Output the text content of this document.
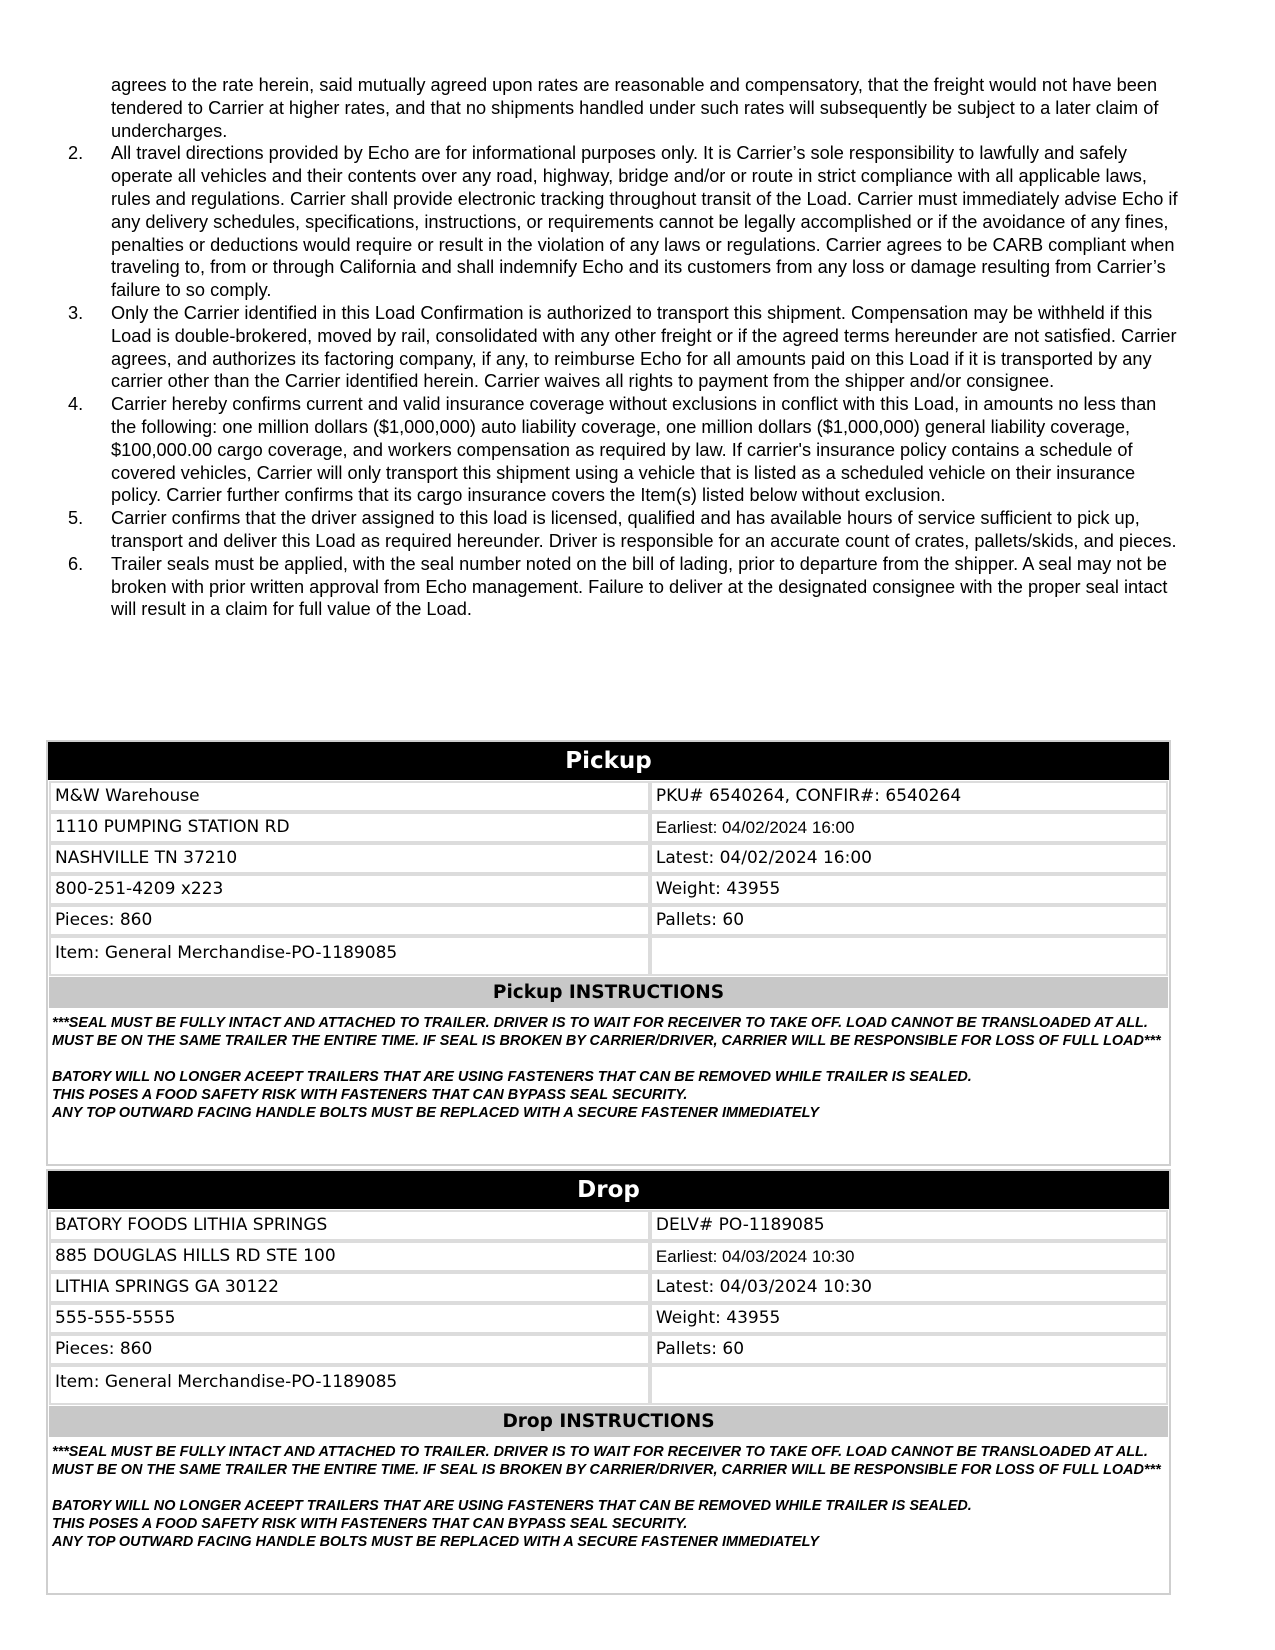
agrees to the rate herein, said mutually agreed upon rates are reasonable and compensatory, that the freight would not have been tendered to Carrier at higher rates, and that no shipments handled under such rates will subsequently be subject to a later claim of undercharges.
2.	All travel directions provided by Echo are for informational purposes only. It is Carrier’s sole responsibility to lawfully and safely operate all vehicles and their contents over any road, highway, bridge and/or or route in strict compliance with all applicable laws, rules and regulations. Carrier shall provide electronic tracking throughout transit of the Load. Carrier must immediately advise Echo if any delivery schedules, specifications, instructions, or requirements cannot be legally accomplished or if the avoidance of any fines, penalties or deductions would require or result in the violation of any laws or regulations. Carrier agrees to be CARB compliant when traveling to, from or through California and shall indemnify Echo and its customers from any loss or damage resulting from Carrier’s failure to so comply.
3.	Only the Carrier identified in this Load Confirmation is authorized to transport this shipment. Compensation may be withheld if this Load is double-brokered, moved by rail, consolidated with any other freight or if the agreed terms hereunder are not satisfied. Carrier agrees, and authorizes its factoring company, if any, to reimburse Echo for all amounts paid on this Load if it is transported by any carrier other than the Carrier identified herein. Carrier waives all rights to payment from the shipper and/or consignee.
4.	Carrier hereby confirms current and valid insurance coverage without exclusions in conflict with this Load, in amounts no less than the following: one million dollars ($1,000,000) auto liability coverage, one million dollars ($1,000,000) general liability coverage, $100,000.00 cargo coverage, and workers compensation as required by law. If carrier's insurance policy contains a schedule of covered vehicles, Carrier will only transport this shipment using a vehicle that is listed as a scheduled vehicle on their insurance policy. Carrier further confirms that its cargo insurance covers the Item(s) listed below without exclusion.
5.	Carrier confirms that the driver assigned to this load is licensed, qualified and has available hours of service sufficient to pick up, transport and deliver this Load as required hereunder. Driver is responsible for an accurate count of crates, pallets/skids, and pieces.
6.	Trailer seals must be applied, with the seal number noted on the bill of lading, prior to departure from the shipper. A seal may not be broken with prior written approval from Echo management. Failure to deliver at the designated consignee with the proper seal intact will result in a claim for full value of the Load.
Pickup
M&W Warehouse	PKU# 6540264, CONFIR#: 6540264
1110 PUMPING STATION RD	Earliest: 04/02/2024 16:00
NASHVILLE TN 37210	Latest: 04/02/2024 16:00
800-251-4209 x223	Weight: 43955
Pieces: 860	Pallets: 60
Item: General Merchandise-PO-1189085
Pickup INSTRUCTIONS

***SEAL MUST BE FULLY INTACT AND ATTACHED TO TRAILER. DRIVER IS TO WAIT FOR RECEIVER TO TAKE OFF. LOAD CANNOT BE TRANSLOADED AT ALL. MUST BE ON THE SAME TRAILER THE ENTIRE TIME. IF SEAL IS BROKEN BY CARRIER/DRIVER, CARRIER WILL BE RESPONSIBLE FOR LOSS OF FULL LOAD***

BATORY WILL NO LONGER ACEEPT TRAILERS THAT ARE USING FASTENERS THAT CAN BE REMOVED WHILE TRAILER IS SEALED.

THIS POSES A FOOD SAFETY RISK WITH FASTENERS THAT CAN BYPASS SEAL SECURITY.

ANY TOP OUTWARD FACING HANDLE BOLTS MUST BE REPLACED WITH A SECURE FASTENER IMMEDIATELY

Drop
BATORY FOODS LITHIA SPRINGS	DELV# PO-1189085
885 DOUGLAS HILLS RD STE 100	Earliest: 04/03/2024 10:30
LITHIA SPRINGS GA 30122	Latest: 04/03/2024 10:30
555-555-5555	Weight: 43955
Pieces: 860	Pallets: 60
Item: General Merchandise-PO-1189085
Drop INSTRUCTIONS

***SEAL MUST BE FULLY INTACT AND ATTACHED TO TRAILER. DRIVER IS TO WAIT FOR RECEIVER TO TAKE OFF. LOAD CANNOT BE TRANSLOADED AT ALL. MUST BE ON THE SAME TRAILER THE ENTIRE TIME. IF SEAL IS BROKEN BY CARRIER/DRIVER, CARRIER WILL BE RESPONSIBLE FOR LOSS OF FULL LOAD***

BATORY WILL NO LONGER ACEEPT TRAILERS THAT ARE USING FASTENERS THAT CAN BE REMOVED WHILE TRAILER IS SEALED.

THIS POSES A FOOD SAFETY RISK WITH FASTENERS THAT CAN BYPASS SEAL SECURITY.

ANY TOP OUTWARD FACING HANDLE BOLTS MUST BE REPLACED WITH A SECURE FASTENER IMMEDIATELY
